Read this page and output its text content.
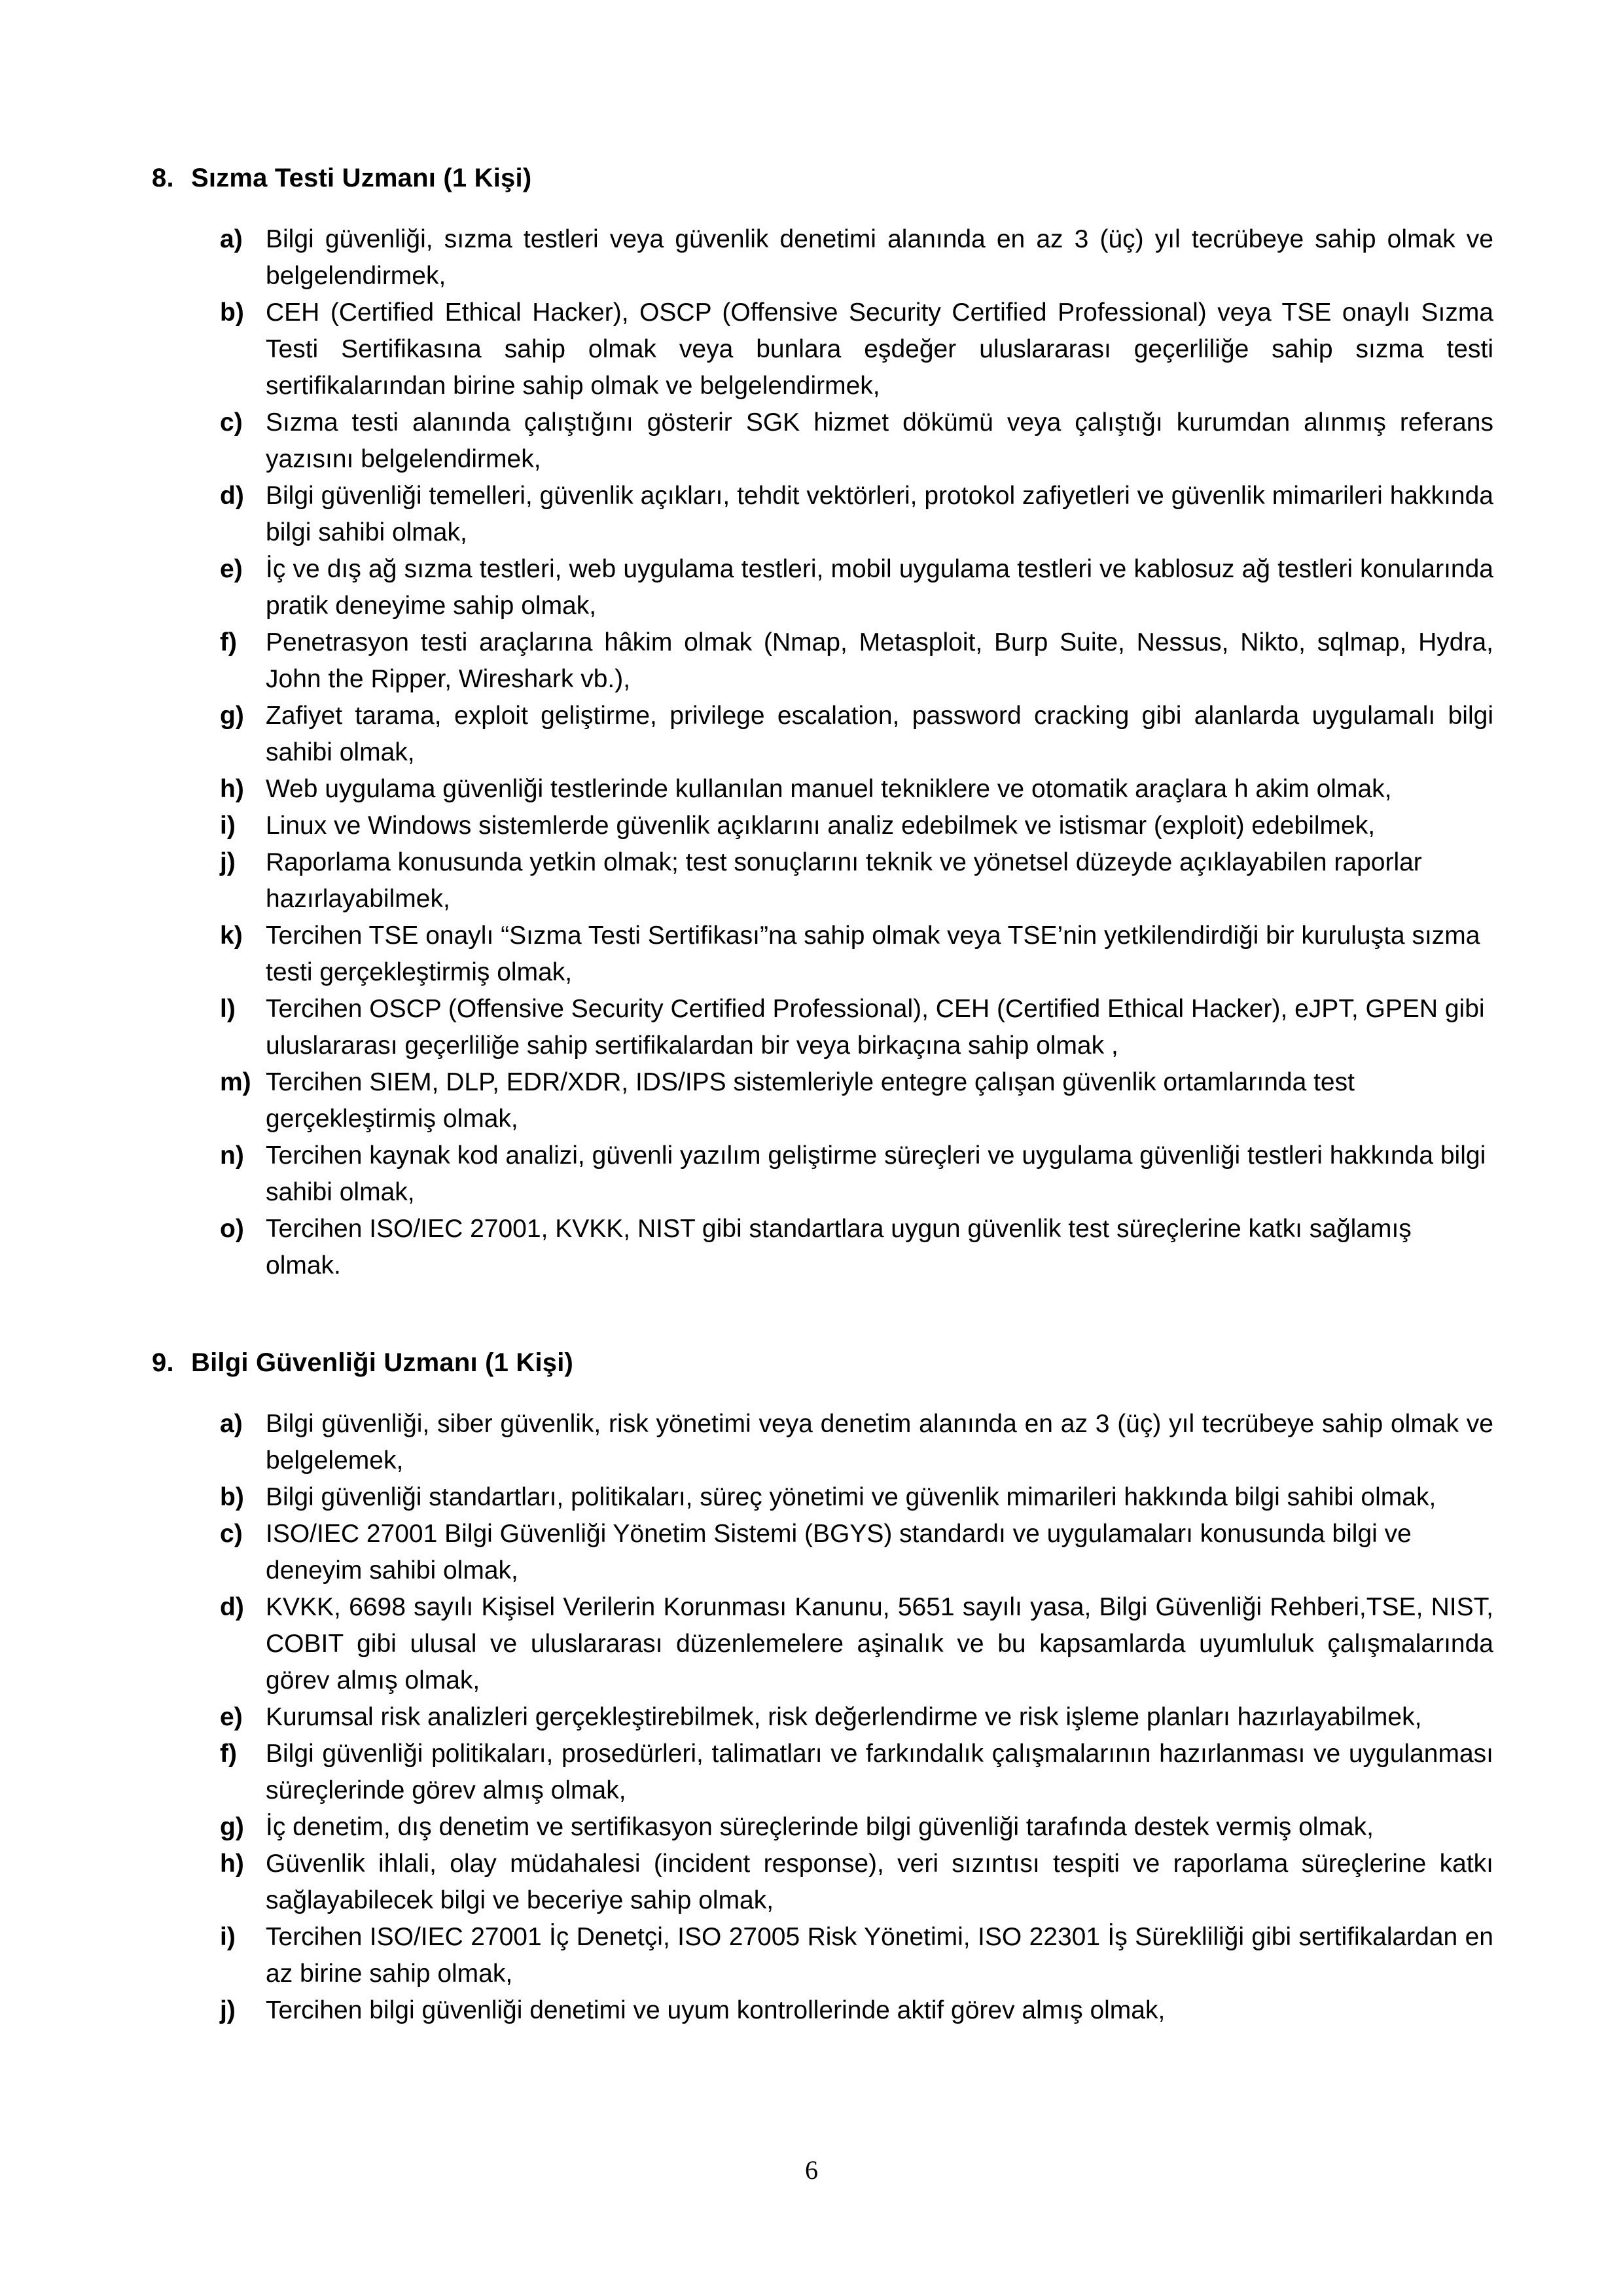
8. Sızma Testi Uzmanı (1 Kişi)
a) Bilgi güvenliği, sızma testleri veya güvenlik denetimi alanında en az 3 (üç) yıl tecrübeye sahip olmak ve belgelendirmek,
b) CEH (Certified Ethical Hacker), OSCP (Offensive Security Certified Professional) veya TSE onaylı Sızma Testi Sertifikasına sahip olmak veya bunlara eşdeğer uluslararası geçerliliğe sahip sızma testi sertifikalarından birine sahip olmak ve belgelendirmek,
c) Sızma testi alanında çalıştığını gösterir SGK hizmet dökümü veya çalıştığı kurumdan alınmış referans yazısını belgelendirmek,
d) Bilgi güvenliği temelleri, güvenlik açıkları, tehdit vektörleri, protokol zafiyetleri ve güvenlik mimarileri hakkında bilgi sahibi olmak,
e) İç ve dış ağ sızma testleri, web uygulama testleri, mobil uygulama testleri ve kablosuz ağ testleri konularında pratik deneyime sahip olmak,
f)	Penetrasyon testi araçlarına hâkim olmak (Nmap, Metasploit, Burp Suite, Nessus, Nikto, sqlmap, Hydra, John the Ripper, Wireshark vb.),
g) Zafiyet tarama, exploit geliştirme, privilege escalation, password cracking gibi alanlarda uygulamalı bilgi sahibi olmak,
h) Web uygulama güvenliği testlerinde kullanılan manuel tekniklere ve otomatik araçlara h akim olmak,
i)	Linux ve Windows sistemlerde güvenlik açıklarını analiz edebilmek ve istismar (exploit) edebilmek,
j)	Raporlama konusunda yetkin olmak; test sonuçlarını teknik ve yönetsel düzeyde açıklayabilen raporlar hazırlayabilmek,
k) Tercihen TSE onaylı “Sızma Testi Sertifikası”na sahip olmak veya TSE’nin yetkilendirdiği bir kuruluşta sızma testi gerçekleştirmiş olmak,
l)	Tercihen OSCP (Offensive Security Certified Professional), CEH (Certified Ethical Hacker), eJPT, GPEN gibi uluslararası geçerliliğe sahip sertifikalardan bir veya birkaçına sahip olmak ,
m) Tercihen SIEM, DLP, EDR/XDR, IDS/IPS sistemleriyle entegre çalışan güvenlik ortamlarında test gerçekleştirmiş olmak,
n) Tercihen kaynak kod analizi, güvenli yazılım geliştirme süreçleri ve uygulama güvenliği testleri hakkında bilgi sahibi olmak,
o) Tercihen ISO/IEC 27001, KVKK, NIST gibi standartlara uygun güvenlik test süreçlerine katkı sağlamış olmak.
9. Bilgi Güvenliği Uzmanı (1 Kişi)
a) Bilgi güvenliği, siber güvenlik, risk yönetimi veya denetim alanında en az 3 (üç) yıl tecrübeye sahip olmak ve belgelemek,
b) Bilgi güvenliği standartları, politikaları, süreç yönetimi ve güvenlik mimarileri hakkında bilgi sahibi olmak,
c) ISO/IEC 27001 Bilgi Güvenliği Yönetim Sistemi (BGYS) standardı ve uygulamaları konusunda bilgi ve deneyim sahibi olmak,
d) KVKK, 6698 sayılı Kişisel Verilerin Korunması Kanunu, 5651 sayılı yasa, Bilgi Güvenliği Rehberi,TSE, NIST, COBIT gibi ulusal ve uluslararası düzenlemelere aşinalık ve bu kapsamlarda uyumluluk çalışmalarında görev almış olmak,
e) Kurumsal risk analizleri gerçekleştirebilmek, risk değerlendirme ve risk işleme planları hazırlayabilmek,
f)	Bilgi güvenliği politikaları, prosedürleri, talimatları ve farkındalık çalışmalarının hazırlanması ve uygulanması süreçlerinde görev almış olmak,
g) İç denetim, dış denetim ve sertifikasyon süreçlerinde bilgi güvenliği tarafında destek vermiş olmak,
h) Güvenlik ihlali, olay müdahalesi (incident response), veri sızıntısı tespiti ve raporlama süreçlerine katkı sağlayabilecek bilgi ve beceriye sahip olmak,
i)	Tercihen ISO/IEC 27001 İç Denetçi, ISO 27005 Risk Yönetimi, ISO 22301 İş Sürekliliği gibi sertifikalardan en az birine sahip olmak,
j)	Tercihen bilgi güvenliği denetimi ve uyum kontrollerinde aktif görev almış olmak,
6
